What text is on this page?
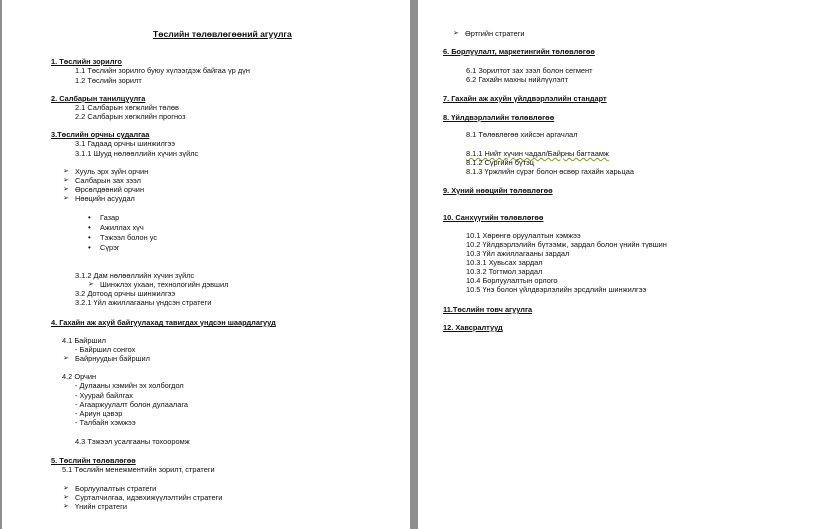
Төслийн төлөвлөгөөний агуулга
1. Төслийн зорилго
1.1 Төслийн зорилго буюу хүлээгдэж байгаа үр дүн
1.2 Төслийн зорилт
2. Салбарын танилцуулга
2.1 Салбарын хөгжлийн төлөв
2.2 Салбарын хөгжлийн прогноз
3.Төслийн орчны судалгаа
3.1 Гадаад орчны шинжилгээ
3.1.1 Шууд нөлөөллийн хүчин зүйлс
➢ Хууль эрх зүйн орчин
➢ Салбарын зах зээл
➢ Өрсөлдөөний орчин
➢ Нөөцийн асуудал
• Газар
• Ажиллах хүч
• Тэжээл болон ус
• Сүрэг
3.1.2 Дам нөлөөллийн хүчин зүйлс
➢ Шинжлэх ухаан, технологийн дэвшил
3.2 Дотоод орчны шинжилгээ
3.2.1 Үйл ажиллагааны үндсэн стратеги
4. Гахайн аж ахуй байгуулахад тавигдах үндсэн шаардлагууд
4.1 Байршил
- Байршил сонгох
➢ Байрнуудын байршил
4.2 Орчин
- Дулааны хэмийн эх холбогдол
- Хуурай байлгах
- Агааржуулалт болон дулаалага
- Ариун цэвэр
- Талбайн хэмжээ
4.3 Тэжээл усалгааны тохооромж
5. Төслийн төлөвлөгөө
5.1 Төслийн менежментийн зорилт, стратеги
➢ Борлуулалтын стратеги
➢ Сурталчилгаа, идэвхижүүлэлтийн стратеги
➢ Үнийн стратеги
➢ Өртгийн стратеги
6. Борлуулалт, маркетингийн төлөвлөгөө
6.1 Зорилтот зах зээл болон сегмент
6.2 Гахайн махны нийлүүлэлт
7. Гахайн аж ахуйн үйлдвэрлэлийн стандарт
8. Үйлдвэрлэлийн төлөвлөгөө
8.1 Төлөвлөгөө хийсэн аргачлал
8.1.1 Нийт хүчин чадал/Байрны багтаамж
8.1.2 Сүргийн бүтэц
8.1.3 Үржлийн сүрэг болон өсвөр гахайн харьцаа
9. Хүний нөөцийн төлөвлөгөө
10. Санхүүгийн төлөвлөгөө
10.1 Хөрөнгө оруулалтын хэмжээ
10.2 Үйлдвэрлэлийн бүтээмж, зардал болон үнийн түвшин
10.3 Үйл ажиллагааны зардал
10.3.1 Хувьсах зардал
10.3.2 Тогтмол зардал
10.4 Борлуулалтын орлого
10.5 Үнэ болон үйлдвэрлэлийн эрсдлийн шинжилгээ
11.Төслийн товч агуулга
12. Хавсралтууд
